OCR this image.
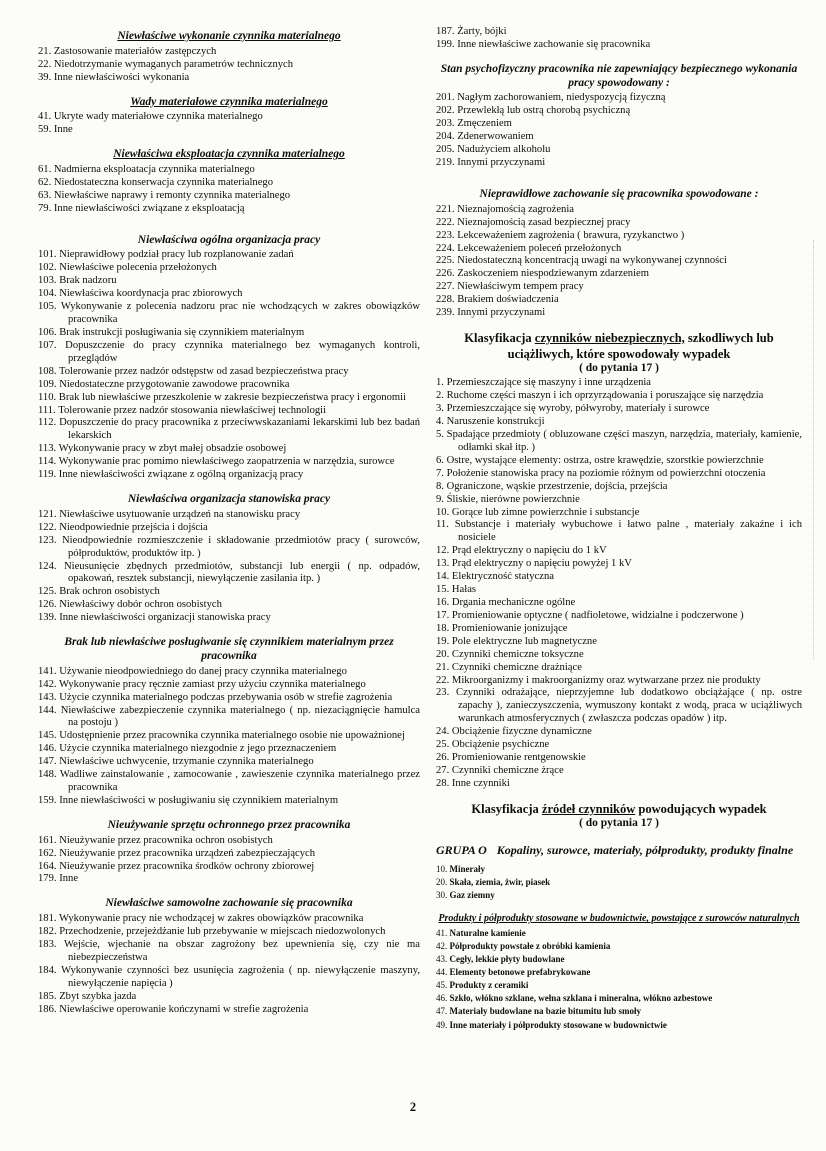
Niewłaściwe wykonanie czynnika materialnego
21. Zastosowanie materiałów zastępczych
22. Niedotrzymanie wymaganych parametrów technicznych
39. Inne niewłaściwości wykonania
Wady materiałowe czynnika materialnego
41. Ukryte wady materiałowe czynnika materialnego
59. Inne
Niewłaściwa eksploatacja czynnika materialnego
61. Nadmierna eksploatacja czynnika materialnego
62. Niedostateczna konserwacja czynnika materialnego
63. Niewłaściwe naprawy i remonty czynnika materialnego
79. Inne niewłaściwości związane z eksploatacją
Niewłaściwa ogólna organizacja pracy
101. Nieprawidłowy podział pracy lub rozplanowanie zadań
102. Niewłaściwe polecenia przełożonych
103. Brak nadzoru
104. Niewłaściwa koordynacja prac zbiorowych
105. Wykonywanie z polecenia nadzoru prac nie wchodzących w zakres obowiązków pracownika
106. Brak instrukcji posługiwania się czynnikiem materialnym
107. Dopuszczenie do pracy czynnika materialnego bez wymaganych kontroli, przeglądów
108. Tolerowanie przez nadzór odstępstw od zasad bezpieczeństwa pracy
109. Niedostateczne przygotowanie zawodowe pracownika
110. Brak lub niewłaściwe przeszkolenie w zakresie bezpieczeństwa pracy i ergonomii
111. Tolerowanie przez nadzór stosowania niewłaściwej technologii
112. Dopuszczenie do pracy pracownika z przeciwwskazaniami lekarskimi lub bez badań lekarskich
113. Wykonywanie pracy w zbyt małej obsadzie osobowej
114. Wykonywanie prac pomimo niewłaściwego zaopatrzenia w narzędzia, surowce
119. Inne niewłaściwości związane z ogólną organizacją pracy
Niewłaściwa organizacja stanowiska pracy
121. Niewłaściwe usytuowanie urządzeń na stanowisku pracy
122. Nieodpowiednie przejścia i dojścia
123. Nieodpowiednie rozmieszczenie i składowanie przedmiotów pracy ( surowców, półproduktów, produktów itp. )
124. Nieusunięcie zbędnych przedmiotów, substancji lub energii ( np. odpadów, opakowań, resztek substancji, niewyłączenie zasilania itp. )
125. Brak ochron osobistych
126. Niewłaściwy dobór ochron osobistych
139. Inne niewłaściwości organizacji stanowiska pracy
Brak lub niewłaściwe posługiwanie się czynnikiem materialnym przez pracownika
141. Używanie nieodpowiedniego do danej pracy czynnika materialnego
142. Wykonywanie pracy ręcznie zamiast przy użyciu czynnika materialnego
143. Użycie czynnika materialnego podczas przebywania osób w strefie zagrożenia
144. Niewłaściwe zabezpieczenie czynnika materialnego ( np. niezaciągnięcie hamulca na postoju )
145. Udostępnienie przez pracownika czynnika materialnego osobie nie upoważnionej
146. Użycie czynnika materialnego niezgodnie z jego przeznaczeniem
147. Niewłaściwe uchwycenie, trzymanie czynnika materialnego
148. Wadliwe zainstalowanie , zamocowanie , zawieszenie czynnika materialnego przez pracownika
159. Inne niewłaściwości w posługiwaniu się czynnikiem materialnym
Nieużywanie sprzętu ochronnego przez pracownika
161. Nieużywanie przez pracownika ochron osobistych
162. Nieużywanie przez pracownika urządzeń zabezpieczających
164. Nieużywanie przez pracownika środków ochrony zbiorowej
179. Inne
Niewłaściwe samowolne zachowanie się pracownika
181. Wykonywanie pracy nie wchodzącej w zakres obowiązków pracownika
182. Przechodzenie, przejeżdżanie lub przebywanie w miejscach niedozwolonych
183. Wejście, wjechanie na obszar zagrożony bez upewnienia się, czy nie ma niebezpieczeństwa
184. Wykonywanie czynności bez usunięcia zagrożenia ( np. niewyłączenie maszyny, niewyłączenie napięcia )
185. Zbyt szybka jazda
186. Niewłaściwe operowanie kończynami w strefie zagrożenia
187. Żarty, bójki
199. Inne niewłaściwe zachowanie się pracownika
Stan psychofizyczny pracownika nie zapewniający bezpiecznego wykonania pracy spowodowany :
201. Nagłym zachorowaniem, niedyspozycją fizyczną
202. Przewlekłą lub ostrą chorobą psychiczną
203. Zmęczeniem
204. Zdenerwowaniem
205. Nadużyciem alkoholu
219. Innymi przyczynami
Nieprawidłowe zachowanie się pracownika spowodowane :
221. Nieznajomością zagrożenia
222. Nieznajomością zasad bezpiecznej pracy
223. Lekceważeniem zagrożenia ( brawura, ryzykanctwo )
224. Lekceważeniem poleceń przełożonych
225. Niedostateczną koncentracją uwagi na wykonywanej czynności
226. Zaskoczeniem niespodziewanym zdarzeniem
227. Niewłaściwym tempem pracy
228. Brakiem doświadczenia
239. Innymi przyczynami
Klasyfikacja czynników niebezpiecznych, szkodliwych lub uciążliwych, które spowodowały wypadek
( do pytania 17 )
1. Przemieszczające się maszyny i inne urządzenia
2. Ruchome części maszyn i ich oprzyrządowania i poruszające się narzędzia
3. Przemieszczające się wyroby, półwyroby, materiały i surowce
4. Naruszenie konstrukcji
5. Spadające przedmioty ( obluzowane części maszyn, narzędzia, materiały, kamienie, odłamki skał itp. )
6. Ostre, wystające elementy: ostrza, ostre krawędzie, szorstkie powierzchnie
7. Położenie stanowiska pracy na poziomie różnym od powierzchni otoczenia
8. Ograniczone, wąskie przestrzenie, dojścia, przejścia
9. Śliskie, nierówne powierzchnie
10. Gorące lub zimne powierzchnie i substancje
11. Substancje i materiały wybuchowe i łatwo palne , materiały zakaźne i ich nosiciele
12. Prąd elektryczny o napięciu do 1 kV
13. Prąd elektryczny o napięciu powyżej 1 kV
14. Elektryczność statyczna
15. Hałas
16. Drgania mechaniczne ogólne
17. Promieniowanie optyczne ( nadfioletowe, widzialne i podczerwone )
18. Promieniowanie jonizujące
19. Pole elektryczne lub magnetyczne
20. Czynniki chemiczne toksyczne
21. Czynniki chemiczne drażniące
22. Mikroorganizmy i makroorganizmy oraz wytwarzane przez nie produkty
23. Czynniki odrażające, nieprzyjemne lub dodatkowo obciążające ( np. ostre zapachy ), zanieczyszczenia, wymuszony kontakt z wodą, praca w uciążliwych warunkach atmosferycznych ( zwłaszcza podczas opadów ) itp.
24. Obciążenie fizyczne dynamiczne
25. Obciążenie psychiczne
26. Promieniowanie rentgenowskie
27. Czynniki chemiczne żrące
28. Inne czynniki
Klasyfikacja źródeł czynników powodujących wypadek
( do pytania 17 )
GRUPA O Kopaliny, surowce, materiały, półprodukty, produkty finalne
10. Minerały
20. Skała, ziemia, żwir, piasek
30. Gaz ziemny
Produkty i półprodukty stosowane w budownictwie, powstające z surowców naturalnych
41. Naturalne kamienie
42. Półprodukty powstałe z obróbki kamienia
43. Cegły, lekkie płyty budowlane
44. Elementy betonowe prefabrykowane
45. Produkty z ceramiki
46. Szkło, włókno szklane, wełna szklana i mineralna, włókno azbestowe
47. Materiały budowlane na bazie bitumitu lub smoły
49. Inne materiały i półprodukty stosowane w budownictwie
2
